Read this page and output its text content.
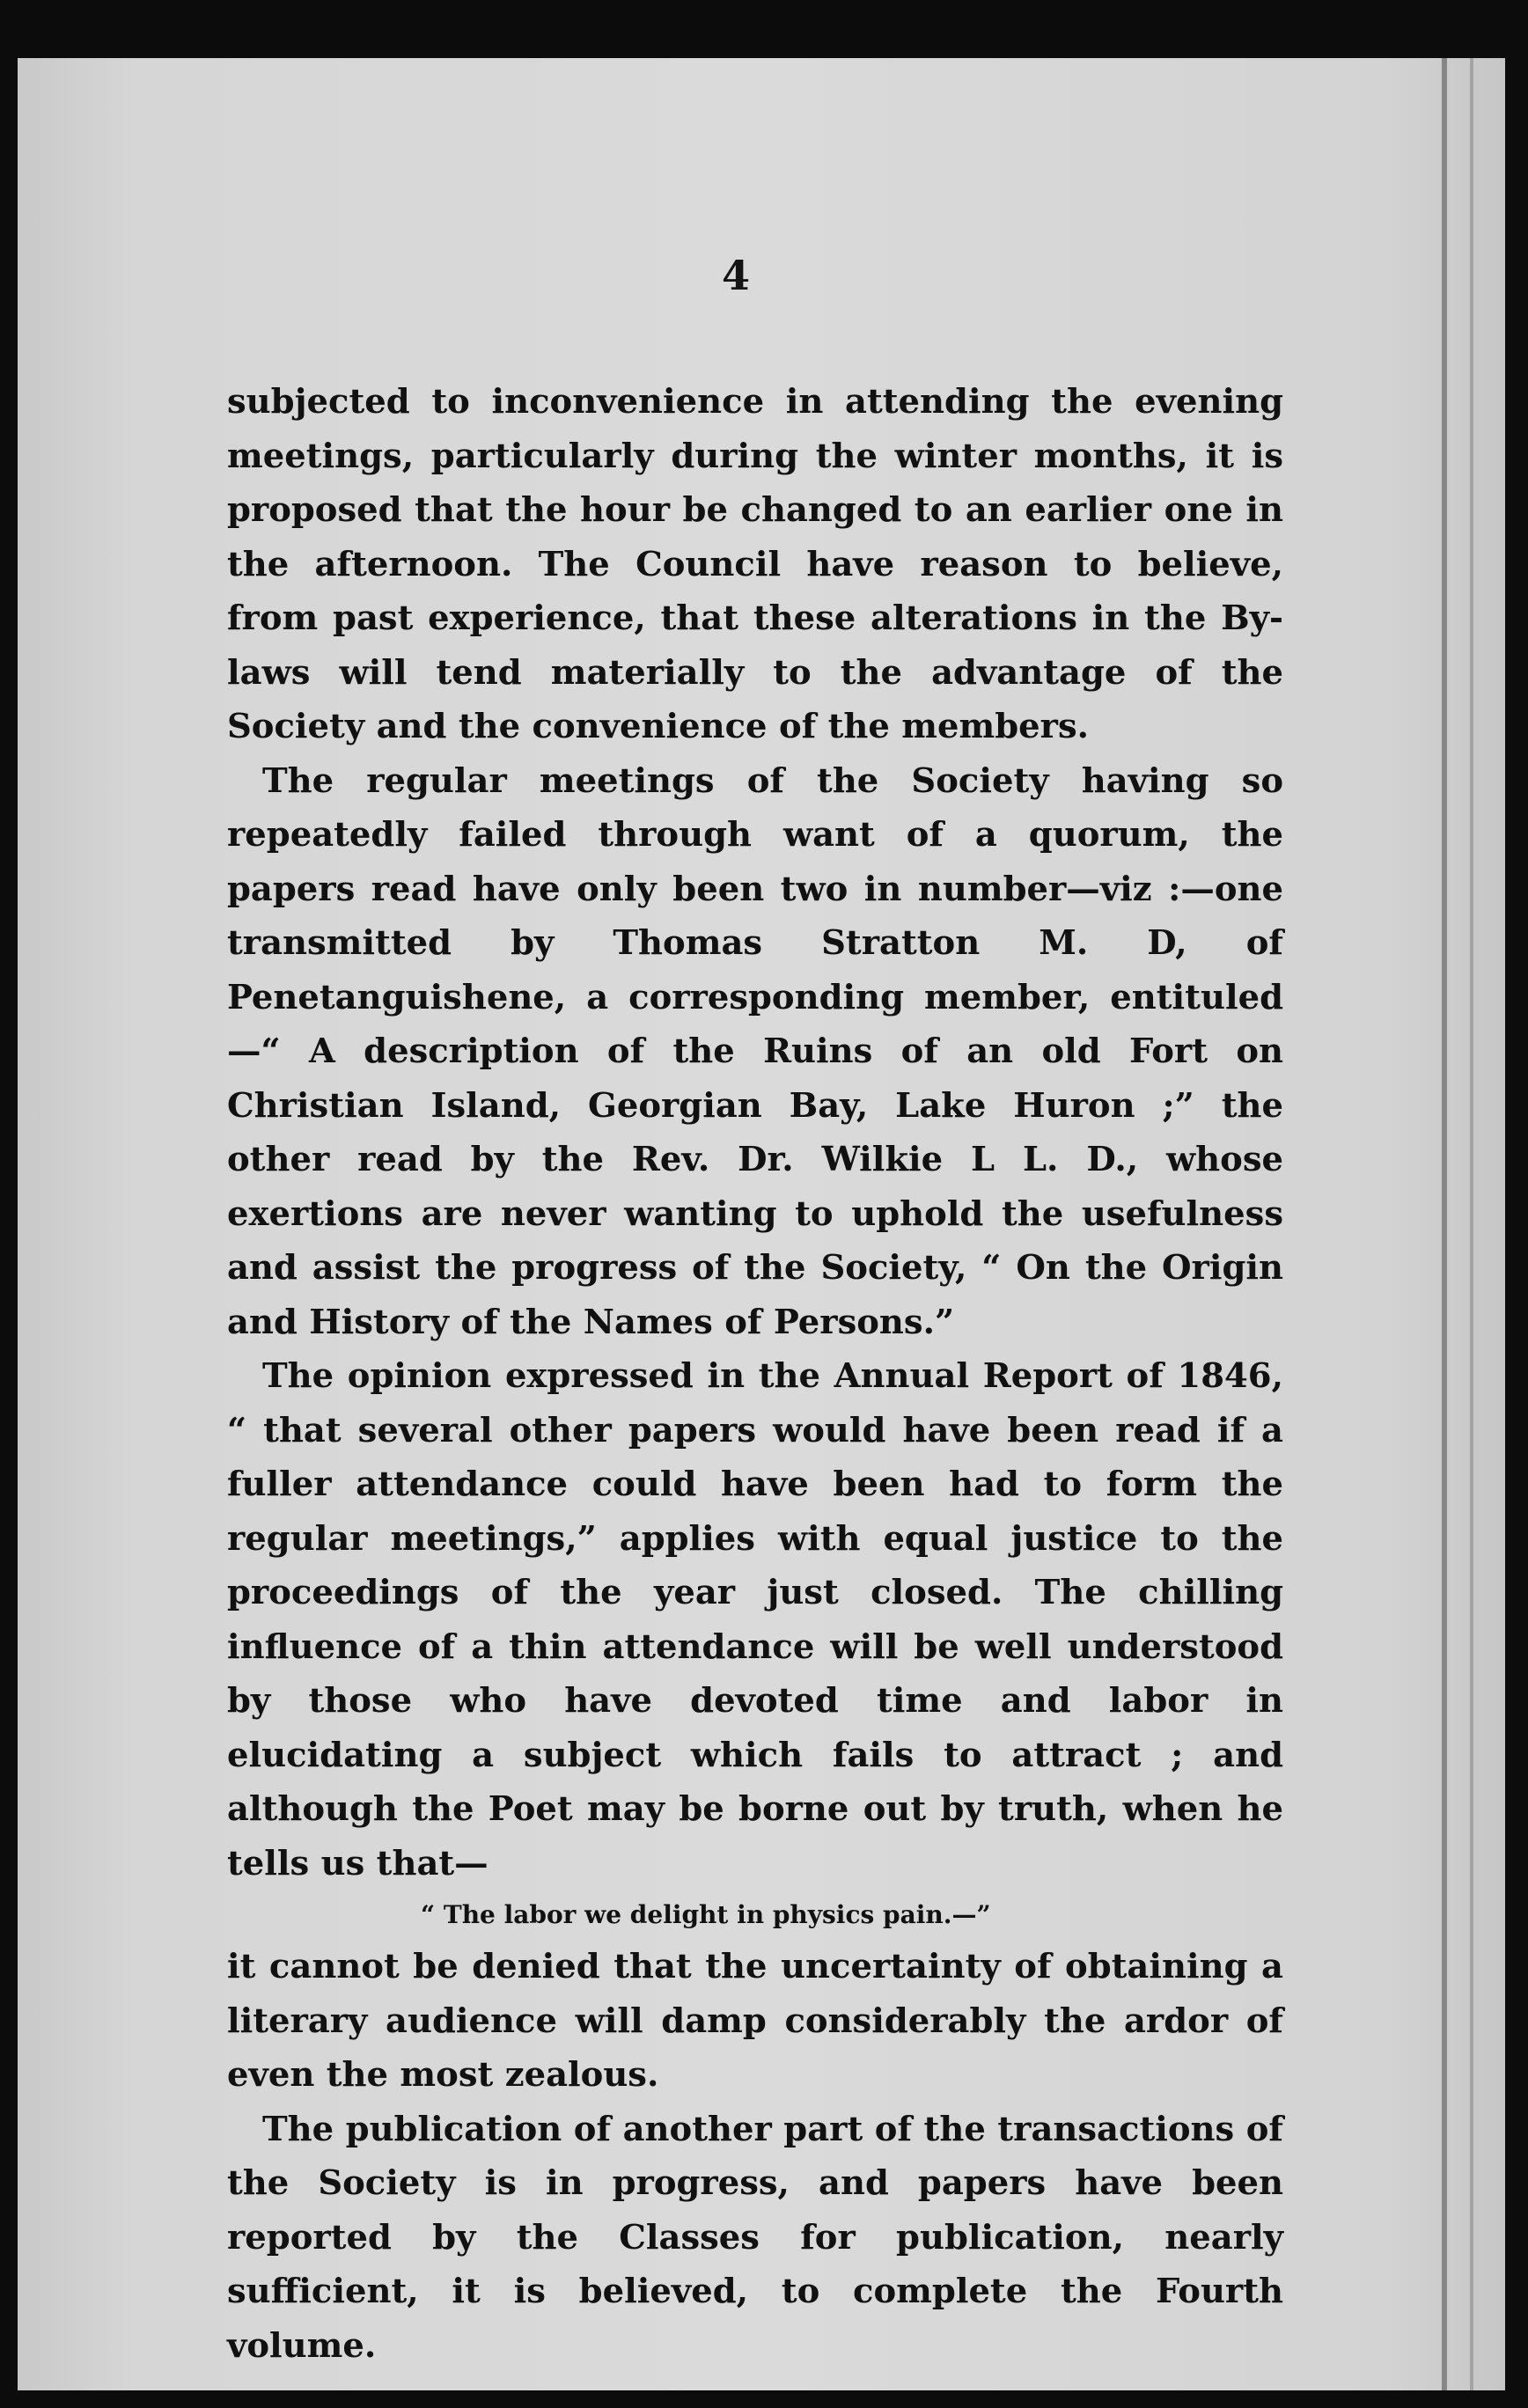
4

subjected to inconvenience in attending the evening meetings, particularly during the winter months, it is proposed that the hour be changed to an earlier one in the afternoon. The Council have reason to believe, from past experience, that these alterations in the By-laws will tend materially to the advantage of the Society and the convenience of the members.

The regular meetings of the Society having so repeatedly failed through want of a quorum, the papers read have only been two in number—viz :—one transmitted by Thomas Stratton M. D, of Penetanguishene, a corresponding member, entituled—“ A description of the Ruins of an old Fort on Christian Island, Georgian Bay, Lake Huron ;” the other read by the Rev. Dr. Wilkie L L. D., whose exertions are never wanting to uphold the usefulness and assist the progress of the Society, “ On the Origin and History of the Names of Persons.”

The opinion expressed in the Annual Report of 1846, “ that several other papers would have been read if a fuller attendance could have been had to form the regular meetings,” applies with equal justice to the proceedings of the year just closed. The chilling influence of a thin attendance will be well understood by those who have devoted time and labor in elucidating a subject which fails to attract ; and although the Poet may be borne out by truth, when he tells us that—

“ The labor we delight in physics pain.—”

it cannot be denied that the uncertainty of obtaining a literary audience will damp considerably the ardor of even the most zealous.

The publication of another part of the transactions of the Society is in progress, and papers have been reported by the Classes for publication, nearly sufficient, it is believed, to complete the Fourth volume.
